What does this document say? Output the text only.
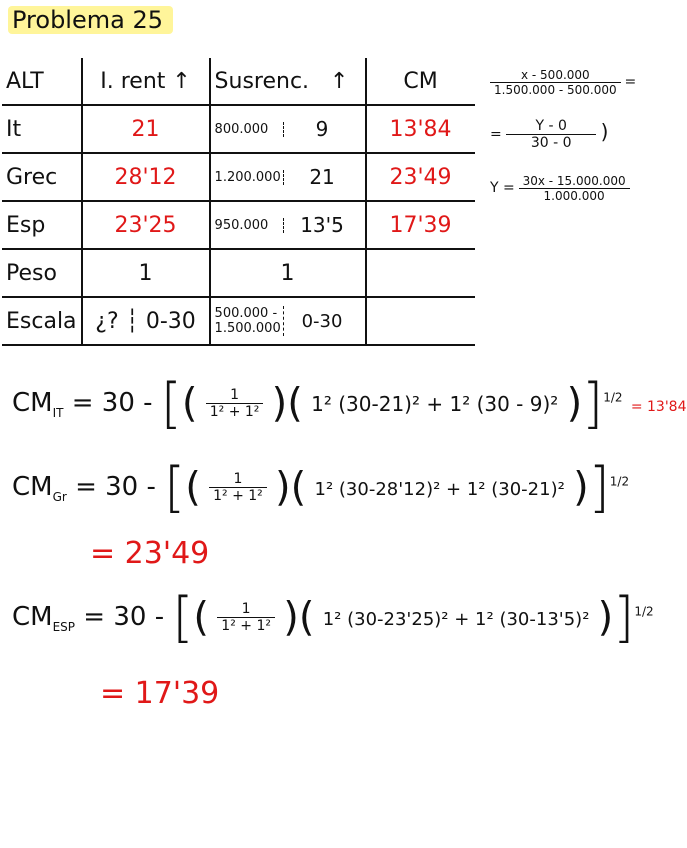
Problema 25
ALT	I. rent ↑	Susrenc. ↑	CM
It	21	800.000 9	13'84
Grec	28'12	1.200.000 21	23'49
Esp	23'25	950.000 13'5	17'39
Peso	1	1	
Escala	¿? ┆ 0-30	500.000 -
1.500.000 0-30	

$\frac{x - 500.000}{1.500.000 - 500.000}$ =
= $\frac{Y - 0}{30 - 0}$ )
$Y = \frac{30x - 15.000.000}{1.000.000}$
$CM_{IT} = 30$ - [( $\frac{1}{\text{1² + 1²}}$ )( 1² (30-21)² + 1² (30 - 9)² )]$^{1/2}$ = 13'84
$CM_{Gr} = 30$ - [( $\frac{1}{\text{1² + 1²}}$ )( 1² (30-28'12)² + 1² (30-21)² )]$^{1/2}$
= 23'49
$CM_{ESP} = 30$ - [( $\frac{1}{\text{1² + 1²}}$ )( 1² (30-23'25)² + 1² (30-13'5)² )]$^{1/2}$
= 17'39
